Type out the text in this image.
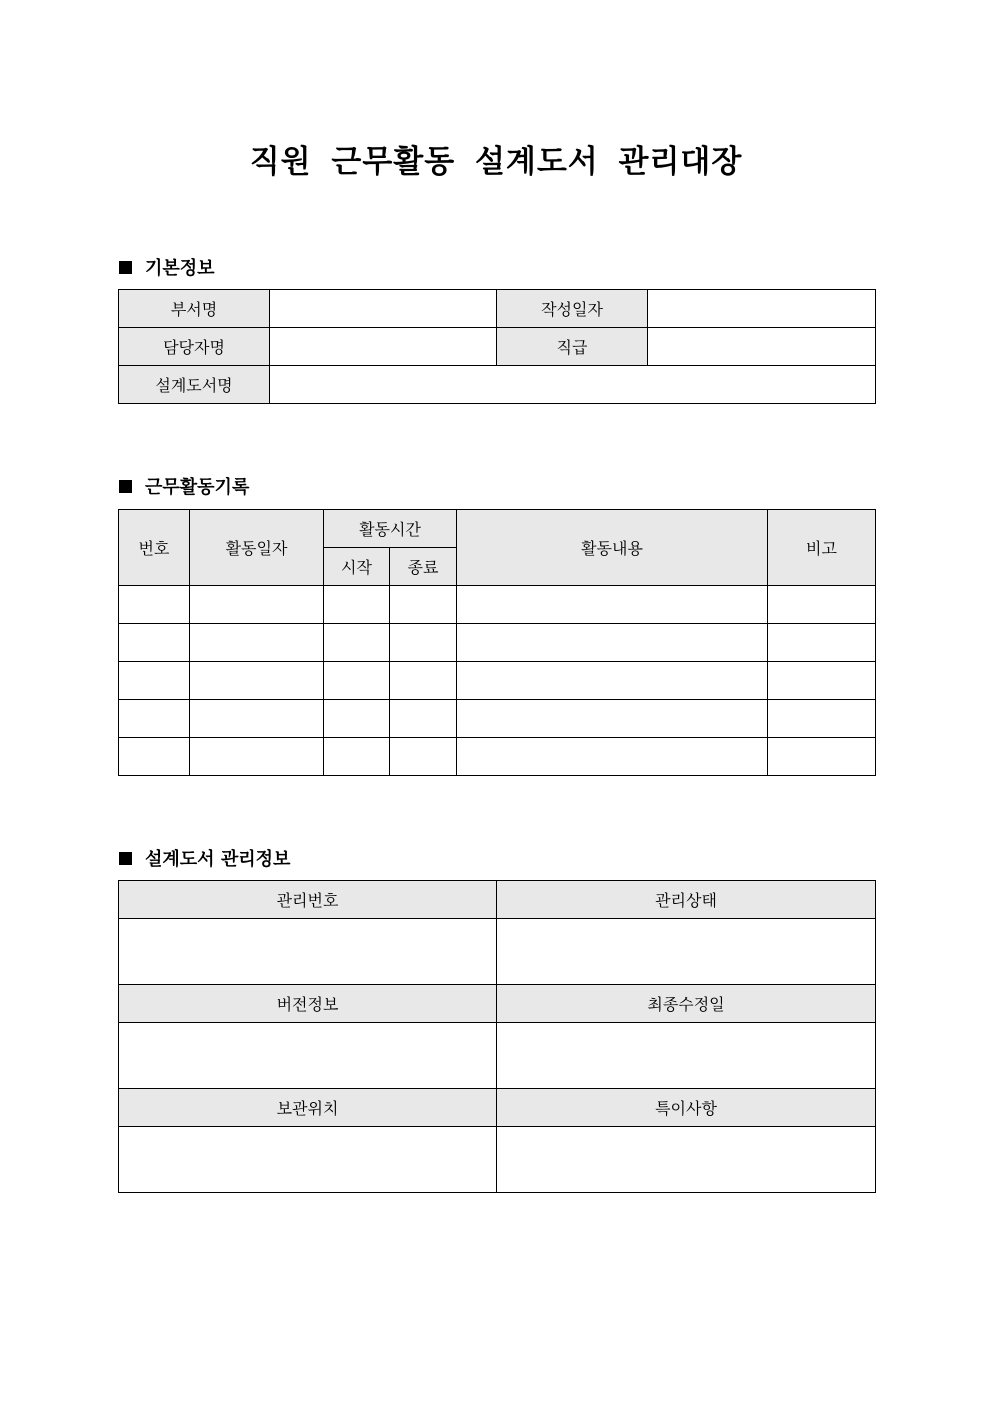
직원 근무활동 설계도서 관리대장
기본정보
부서명		작성일자	
담당자명		직급	
설계도서명			
근무활동기록
번호	활동일자	활동시간		활동내용	비고
		시작	종료		

설계도서 관리정보
관리번호	관리상태

버전정보	최종수정일

보관위치	특이사항
